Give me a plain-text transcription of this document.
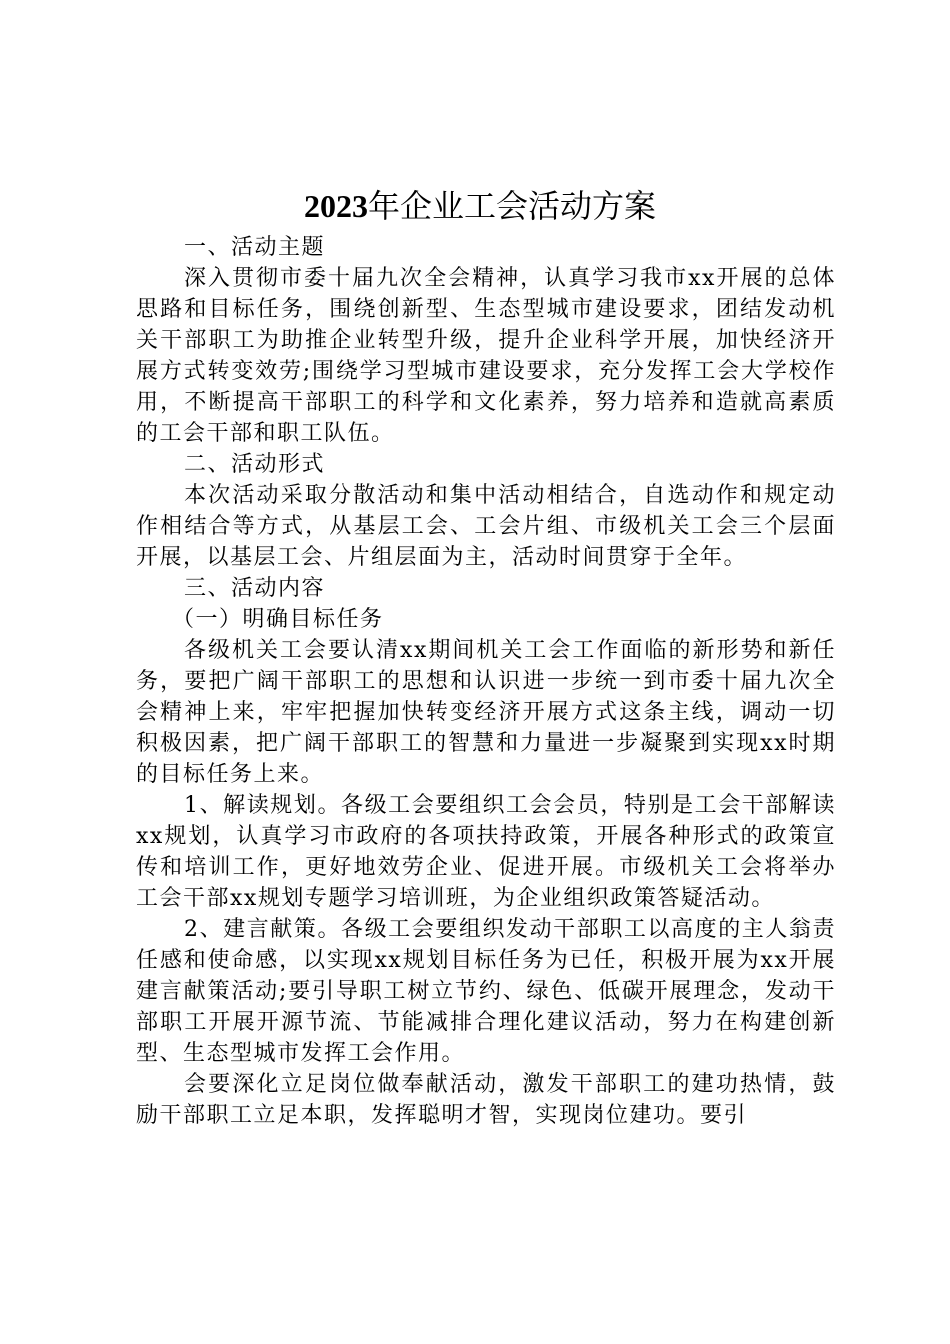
2023年企业工会活动方案

一、活动主题

深入贯彻市委十届九次全会精神，认真学习我市xx开展的总体思路和目标任务，围绕创新型、生态型城市建设要求，团结发动机关干部职工为助推企业转型升级，提升企业科学开展，加快经济开展方式转变效劳;围绕学习型城市建设要求，充分发挥工会大学校作用，不断提高干部职工的科学和文化素养，努力培养和造就高素质的工会干部和职工队伍。

二、活动形式

本次活动采取分散活动和集中活动相结合，自选动作和规定动作相结合等方式，从基层工会、工会片组、市级机关工会三个层面开展，以基层工会、片组层面为主，活动时间贯穿于全年。

三、活动内容

（一）明确目标任务

各级机关工会要认清xx期间机关工会工作面临的新形势和新任务，要把广阔干部职工的思想和认识进一步统一到市委十届九次全会精神上来，牢牢把握加快转变经济开展方式这条主线，调动一切积极因素，把广阔干部职工的智慧和力量进一步凝聚到实现xx时期的目标任务上来。

1、解读规划。各级工会要组织工会会员，特别是工会干部解读xx规划，认真学习市政府的各项扶持政策，开展各种形式的政策宣传和培训工作，更好地效劳企业、促进开展。市级机关工会将举办工会干部xx规划专题学习培训班，为企业组织政策答疑活动。

2、建言献策。各级工会要组织发动干部职工以高度的主人翁责任感和使命感，以实现xx规划目标任务为已任，积极开展为xx开展建言献策活动;要引导职工树立节约、绿色、低碳开展理念，发动干部职工开展开源节流、节能减排合理化建议活动，努力在构建创新型、生态型城市发挥工会作用。

会要深化立足岗位做奉献活动，激发干部职工的建功热情，鼓励干部职工立足本职，发挥聪明才智，实现岗位建功。要引
